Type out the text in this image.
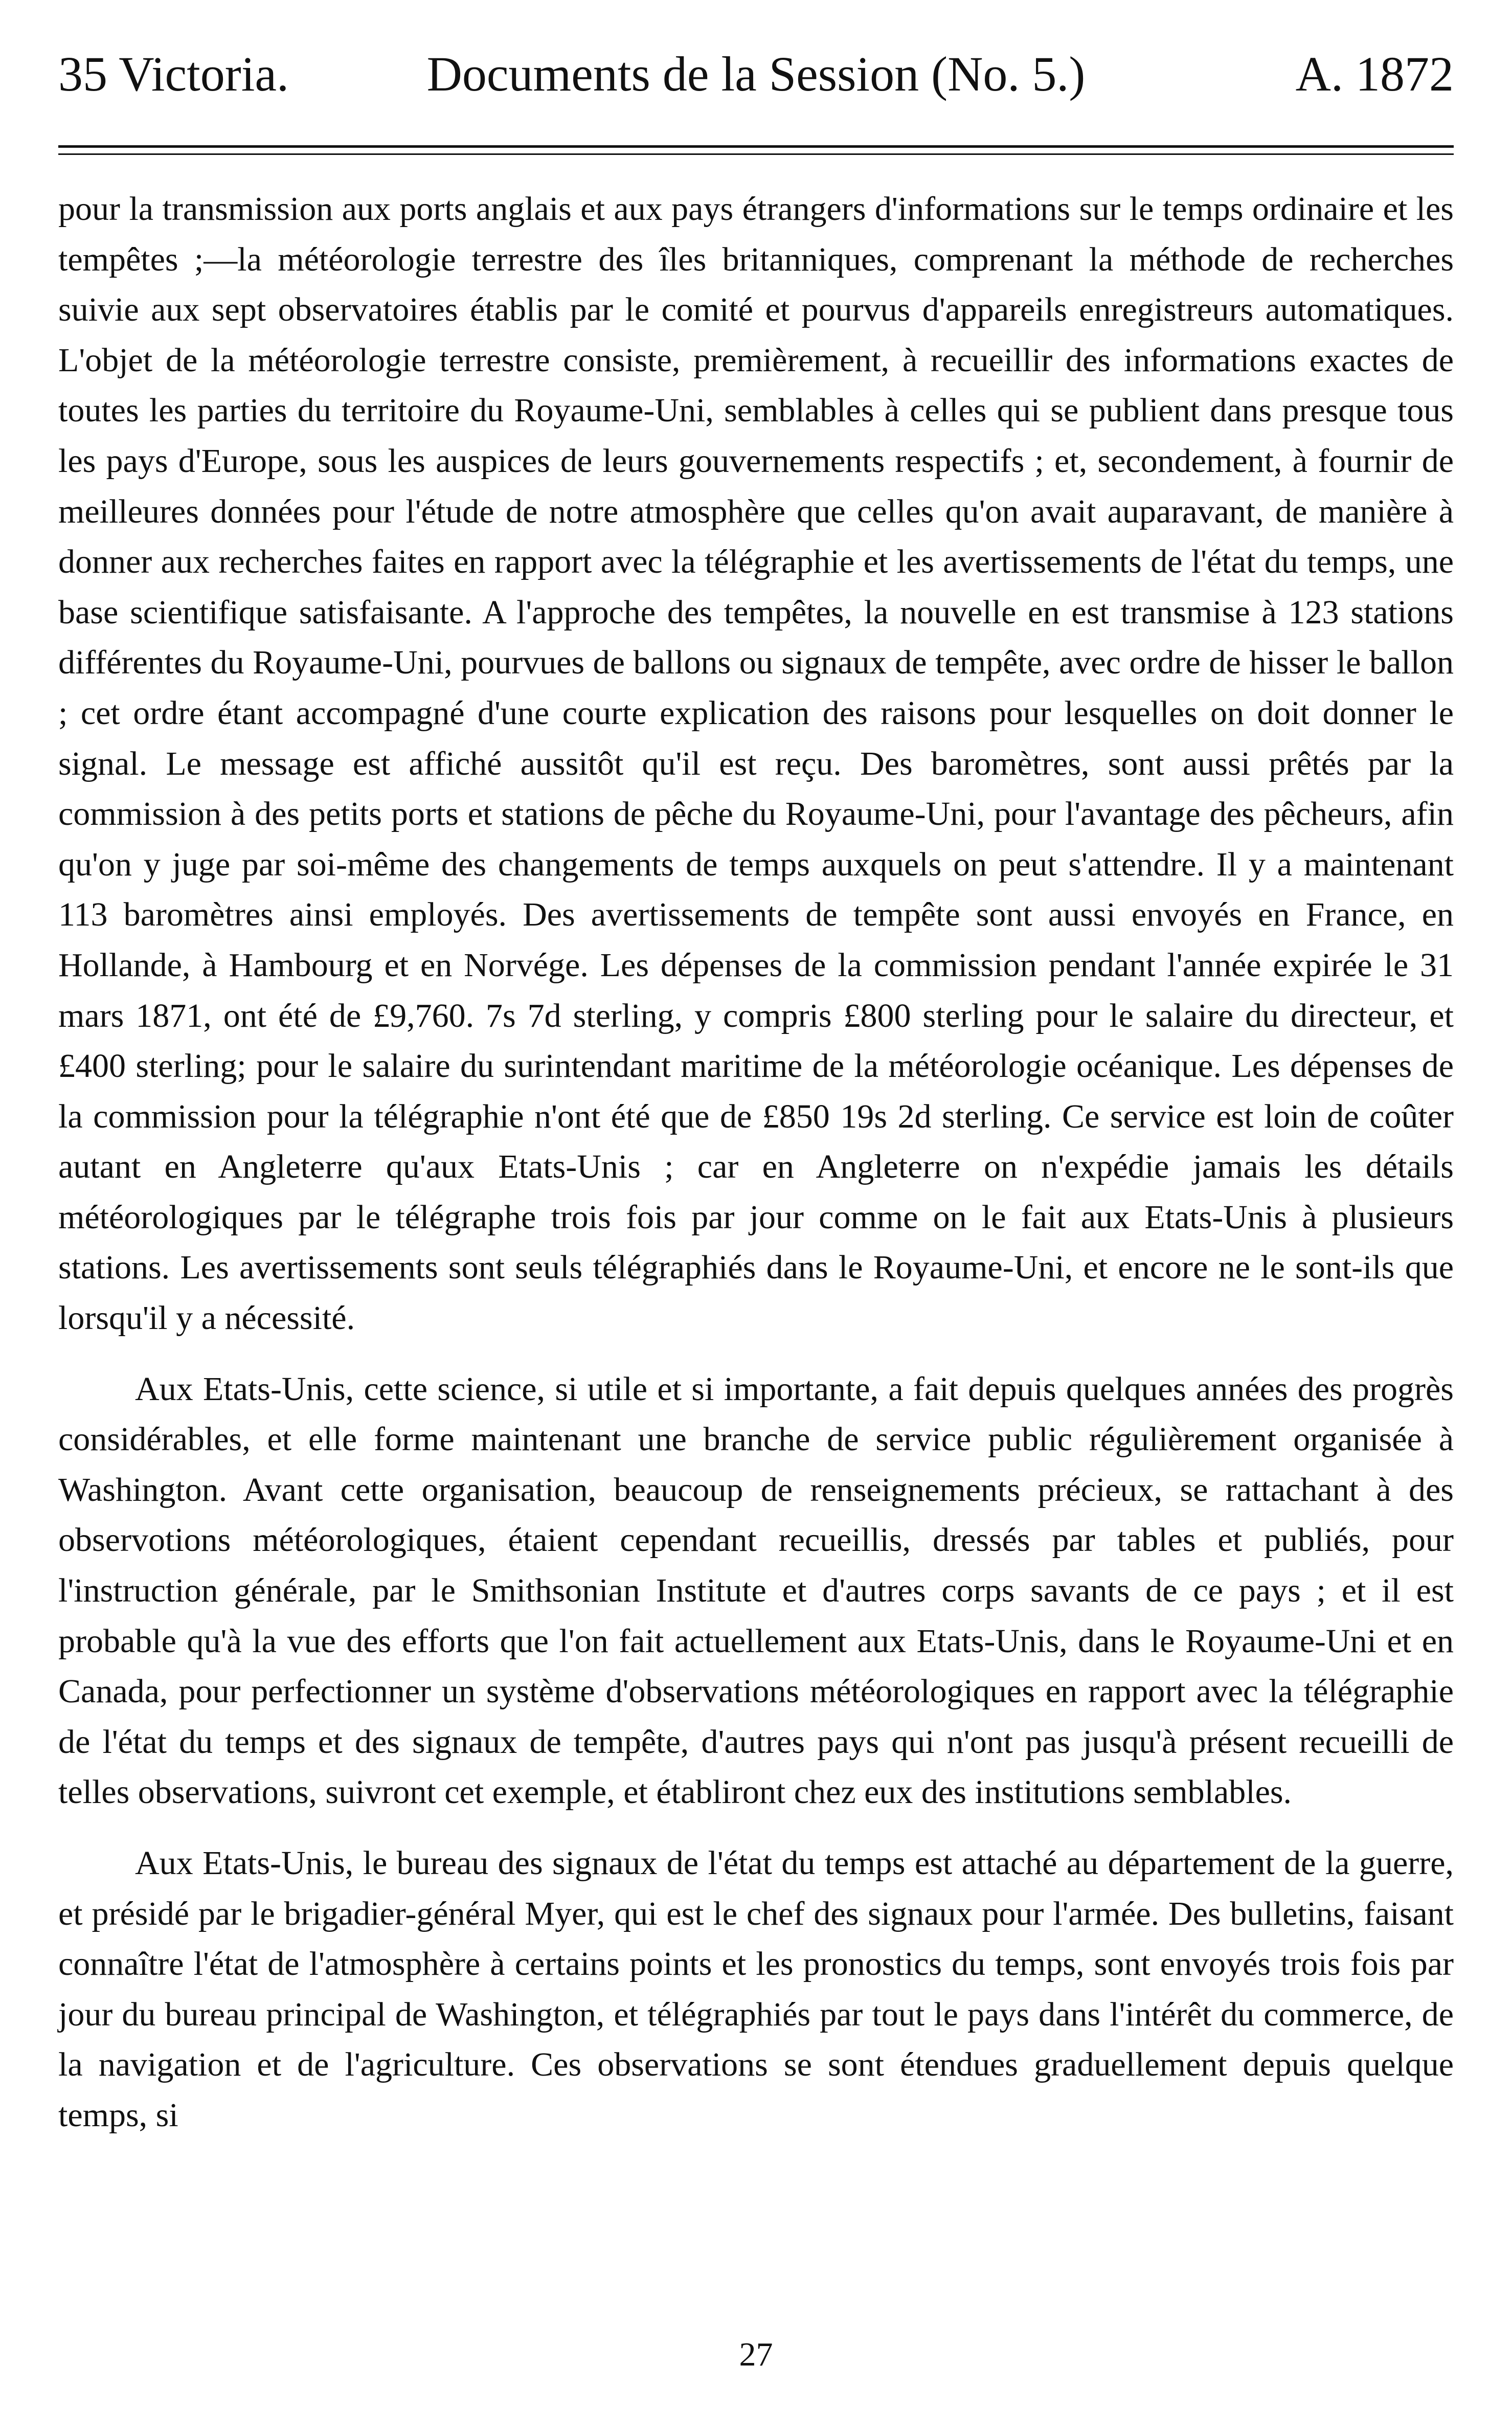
35 Victoria.	Documents de la Session (No. 5.)	A. 1872

pour la transmission aux ports anglais et aux pays étrangers d'informations sur le temps ordinaire et les tempêtes ;—la météorologie terrestre des îles britanniques, comprenant la méthode de recherches suivie aux sept observatoires établis par le comité et pourvus d'appareils enregistreurs automatiques. L'objet de la météorologie terrestre consiste, premièrement, à recueillir des informations exactes de toutes les parties du territoire du Royaume-Uni, semblables à celles qui se publient dans presque tous les pays d'Europe, sous les auspices de leurs gouvernements respectifs ; et, secondement, à fournir de meilleures données pour l'étude de notre atmosphère que celles qu'on avait auparavant, de manière à donner aux recherches faites en rapport avec la télégraphie et les avertissements de l'état du temps, une base scientifique satisfaisante. A l'approche des tempêtes, la nouvelle en est transmise à 123 stations différentes du Royaume-Uni, pourvues de ballons ou signaux de tempête, avec ordre de hisser le ballon ; cet ordre étant accompagné d'une courte explication des raisons pour lesquelles on doit donner le signal. Le message est affiché aussitôt qu'il est reçu. Des baromètres, sont aussi prêtés par la commission à des petits ports et stations de pêche du Royaume-Uni, pour l'avantage des pêcheurs, afin qu'on y juge par soi-même des changements de temps auxquels on peut s'attendre. Il y a maintenant 113 baromètres ainsi employés. Des avertissements de tempête sont aussi envoyés en France, en Hollande, à Hambourg et en Norvége. Les dépenses de la commission pendant l'année expirée le 31 mars 1871, ont été de £9,760. 7s 7d sterling, y compris £800 sterling pour le salaire du directeur, et £400 sterling; pour le salaire du surintendant maritime de la météorologie océanique. Les dépenses de la commission pour la télégraphie n'ont été que de £850 19s 2d sterling. Ce service est loin de coûter autant en Angleterre qu'aux Etats-Unis ; car en Angleterre on n'expédie jamais les détails météorologiques par le télégraphe trois fois par jour comme on le fait aux Etats-Unis à plusieurs stations. Les avertissements sont seuls télégraphiés dans le Royaume-Uni, et encore ne le sont-ils que lorsqu'il y a nécessité.

Aux Etats-Unis, cette science, si utile et si importante, a fait depuis quelques années des progrès considérables, et elle forme maintenant une branche de service public régulièrement organisée à Washington. Avant cette organisation, beaucoup de renseignements précieux, se rattachant à des observotions météorologiques, étaient cependant recueillis, dressés par tables et publiés, pour l'instruction générale, par le Smithsonian Institute et d'autres corps savants de ce pays ; et il est probable qu'à la vue des efforts que l'on fait actuellement aux Etats-Unis, dans le Royaume-Uni et en Canada, pour perfectionner un système d'observations météorologiques en rapport avec la télégraphie de l'état du temps et des signaux de tempête, d'autres pays qui n'ont pas jusqu'à présent recueilli de telles observations, suivront cet exemple, et établiront chez eux des institutions semblables.

Aux Etats-Unis, le bureau des signaux de l'état du temps est attaché au département de la guerre, et présidé par le brigadier-général Myer, qui est le chef des signaux pour l'armée. Des bulletins, faisant connaître l'état de l'atmosphère à certains points et les pronostics du temps, sont envoyés trois fois par jour du bureau principal de Washington, et télégraphiés par tout le pays dans l'intérêt du commerce, de la navigation et de l'agriculture. Ces observations se sont étendues graduellement depuis quelque temps, si

27
